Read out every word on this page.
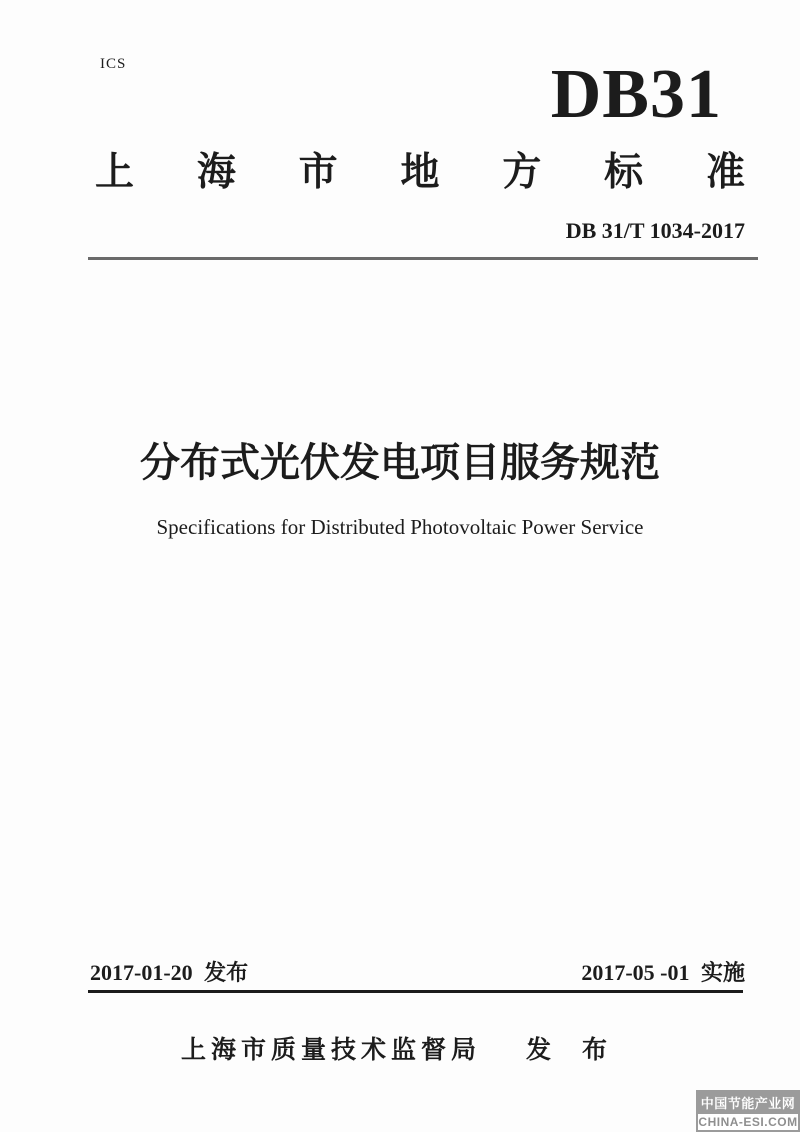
ICS	DB31
上 海 市 地 方 标 准
DB 31/T 1034-2017
分布式光伏发电项目服务规范
Specifications for Distributed Photovoltaic Power Service
2017-01-20 发布	2017-05 -01 实施
上海市质量技术监督局 发 布
中国节能产业网
CHINA-ESI.COM
